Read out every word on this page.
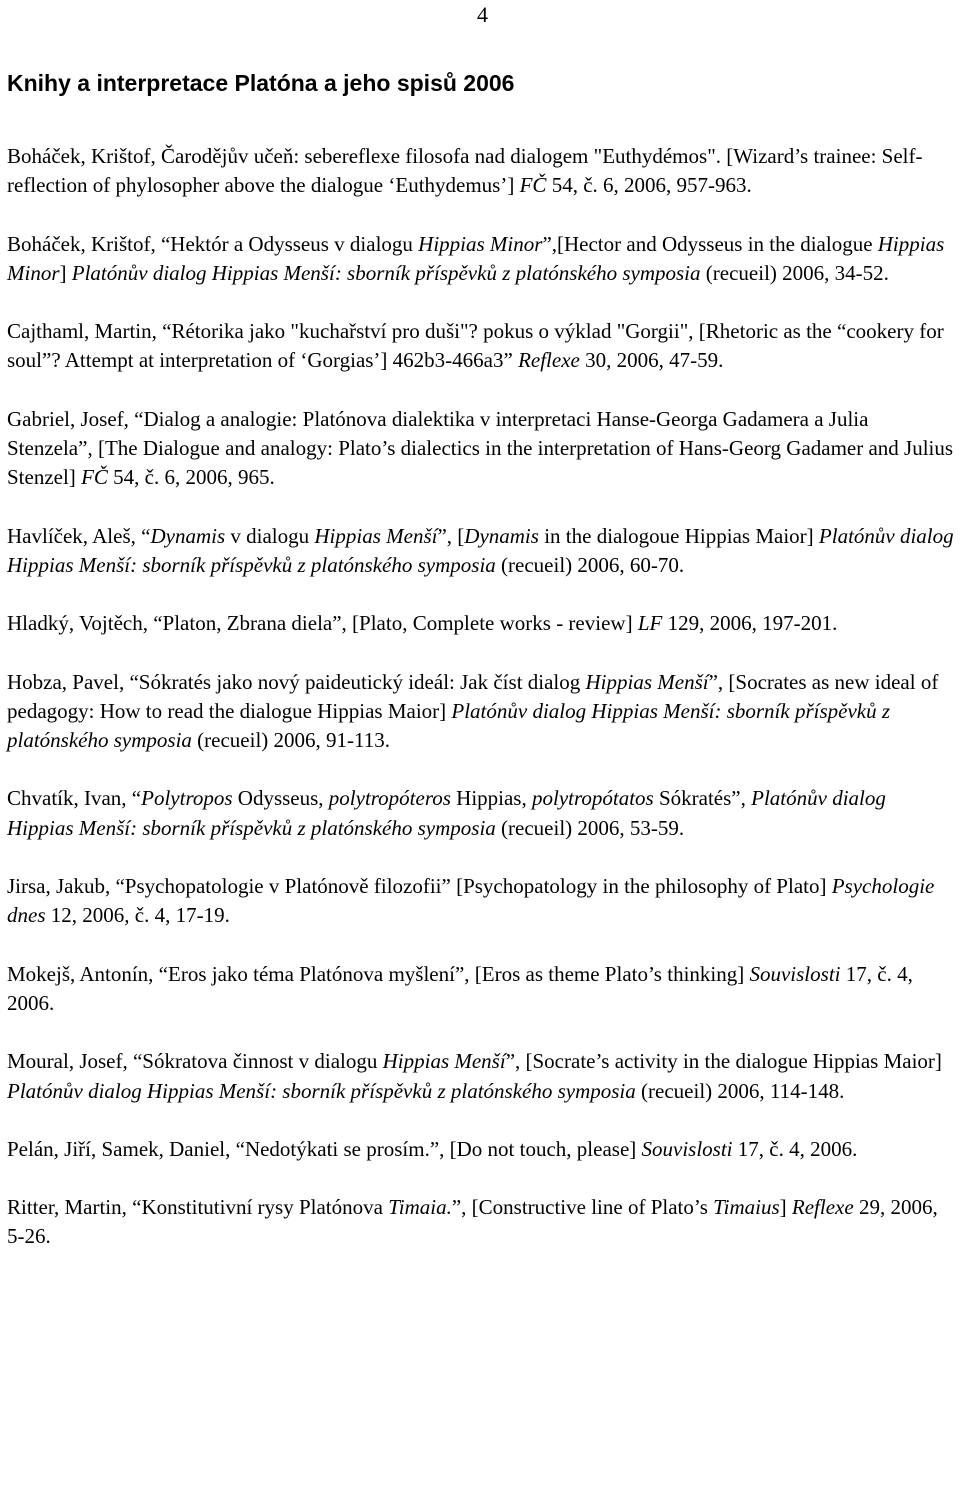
4
Knihy a interpretace Platóna a jeho spisů 2006

Boháček, Krištof, Čarodějův učeň: sebereflexe filosofa nad dialogem "Euthydémos". [Wizard’s trainee: Self-reflection of phylosopher above the dialogue ‘Euthydemus’] FČ 54, č. 6, 2006, 957-963.

Boháček, Krištof, “Hektór a Odysseus v dialogu Hippias Minor”,[Hector and Odysseus in the dialogue Hippias Minor] Platónův dialog Hippias Menší: sborník příspěvků z platónského symposia (recueil) 2006, 34-52.

Cajthaml, Martin, “Rétorika jako "kuchařství pro duši"? pokus o výklad "Gorgii", [Rhetoric as the “cookery for soul”? Attempt at interpretation of ‘Gorgias’] 462b3-466a3” Reflexe 30, 2006, 47-59.

Gabriel, Josef, “Dialog a analogie: Platónova dialektika v interpretaci Hanse-Georga Gadamera a Julia Stenzela”, [The Dialogue and analogy: Plato’s dialectics in the interpretation of Hans-Georg Gadamer and Julius Stenzel] FČ 54, č. 6, 2006, 965.

Havlíček, Aleš, “Dynamis v dialogu Hippias Menší”, [Dynamis in the dialogoue Hippias Maior] Platónův dialog Hippias Menší: sborník příspěvků z platónského symposia (recueil) 2006, 60-70.

Hladký, Vojtěch, “Platon, Zbrana diela”, [Plato, Complete works - review] LF 129, 2006, 197-201.

Hobza, Pavel, “Sókratés jako nový paideutický ideál: Jak číst dialog Hippias Menší”, [Socrates as new ideal of pedagogy: How to read the dialogue Hippias Maior] Platónův dialog Hippias Menší: sborník příspěvků z platónského symposia (recueil) 2006, 91-113.

Chvatík, Ivan, “Polytropos Odysseus, polytropóteros Hippias, polytropótatos Sókratés”, Platónův dialog Hippias Menší: sborník příspěvků z platónského symposia (recueil) 2006, 53-59.

Jirsa, Jakub, “Psychopatologie v Platónově filozofii” [Psychopatology in the philosophy of Plato] Psychologie dnes 12, 2006, č. 4, 17-19.

Mokejš, Antonín, “Eros jako téma Platónova myšlení”, [Eros as theme Plato’s thinking] Souvislosti 17, č. 4, 2006.

Moural, Josef, “Sókratova činnost v dialogu Hippias Menší”, [Socrate’s activity in the dialogue Hippias Maior] Platónův dialog Hippias Menší: sborník příspěvků z platónského symposia (recueil) 2006, 114-148.

Pelán, Jiří, Samek, Daniel, “Nedotýkati se prosím.”, [Do not touch, please] Souvislosti 17, č. 4, 2006.

Ritter, Martin, “Konstitutivní rysy Platónova Timaia.”, [Constructive line of Plato’s Timaius] Reflexe 29, 2006, 5-26.
